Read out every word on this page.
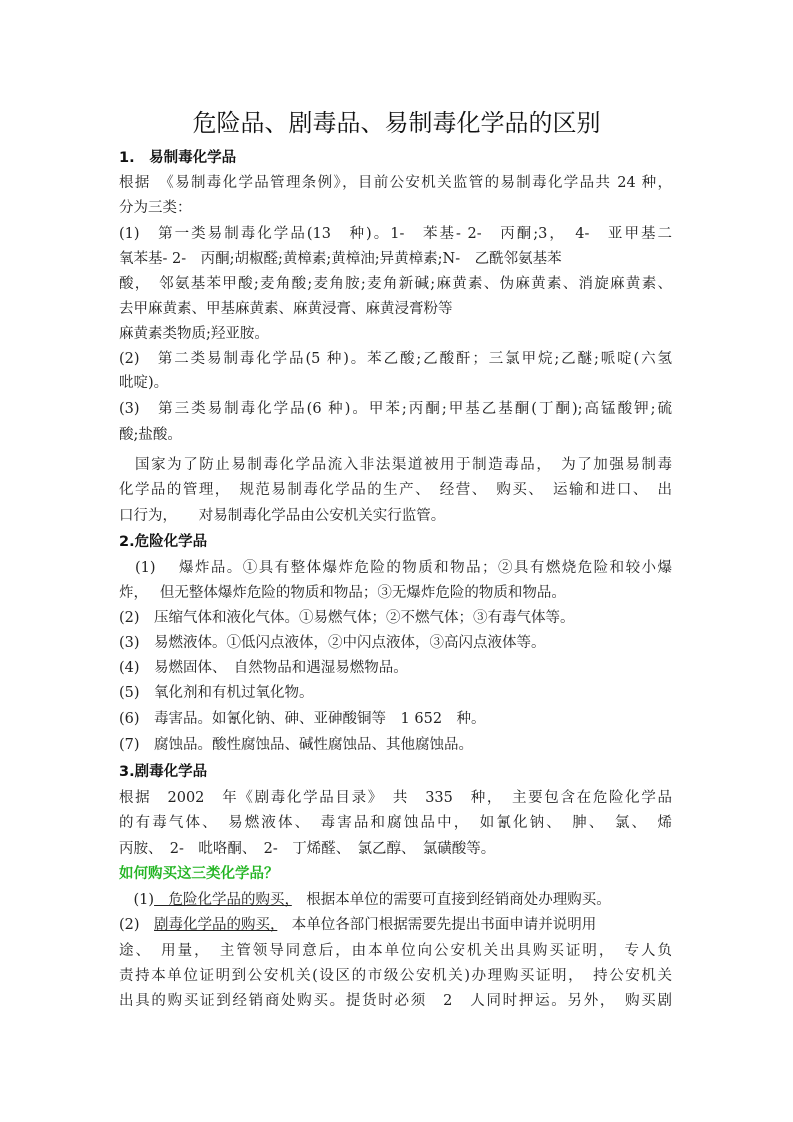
危险品、剧毒品、易制毒化学品的区别
1.　 易制毒化学品
根据　《易制毒化学品管理条例》，目前公安机关监管的易制毒化学品共 24 种，
分为三类：
(1)　第一类易制毒化学品(13　种)。1-　苯基- 2-　丙酮;3，　4-　亚甲基二
氧苯基- 2-　丙酮;胡椒醛;黄樟素;黄樟油;异黄樟素;N-　乙酰邻氨基苯
酸，　邻氨基苯甲酸;麦角酸;麦角胺;麦角新碱;麻黄素、伪麻黄素、消旋麻黄素、
去甲麻黄素、甲基麻黄素、麻黄浸膏、麻黄浸膏粉等
麻黄素类物质;羟亚胺。
(2)　第二类易制毒化学品(5 种)。苯乙酸;乙酸酐；三氯甲烷;乙醚;哌啶(六氢
吡啶)。
(3)　第三类易制毒化学品(6 种)。甲苯;丙酮;甲基乙基酮(丁酮);高锰酸钾;硫
酸;盐酸。
　国家为了防止易制毒化学品流入非法渠道被用于制造毒品，　为了加强易制毒
化学品的管理，　规范易制毒化学品的生产、　经营、　购买、　运输和进口、　出
口行为，　　对易制毒化学品由公安机关实行监管。
2.危险化学品
　(1)　 爆炸品。①具有整体爆炸危险的物质和物品；②具有燃烧危险和较小爆
炸，　 但无整体爆炸危险的物质和物品；③无爆炸危险的物质和物品。
(2)　压缩气体和液化气体。①易燃气体；②不燃气体；③有毒气体等。
(3)　易燃液体。①低闪点液体，②中闪点液体，③高闪点液体等。
(4)　易燃固体、　自然物品和遇湿易燃物品。
(5)　氧化剂和有机过氧化物。
(6)　毒害品。如氰化钠、砷、亚砷酸铜等　1 652　种。
(7)　腐蚀品。酸性腐蚀品、碱性腐蚀品、其他腐蚀品。
3.剧毒化学品
根据　2002　年《剧毒化学品目录》　共　335　种，　主要包含在危险化学品
的有毒气体、　易燃液体、　毒害品和腐蚀品中，　如氰化钠、　胂、　氯、　烯
丙胺、　2-　吡咯酮、　2-　丁烯醛、　氯乙醇、　氯磺酸等。
如何购买这三类化学品？
　(1)　危险化学品的购买，　根据本单位的需要可直接到经销商处办理购买。
(2)　剧毒化学品的购买，　本单位各部门根据需要先提出书面申请并说明用
途、　用量，　主管领导同意后，由本单位向公安机关出具购买证明，　专人负
责持本单位证明到公安机关(设区的市级公安机关)办理购买证明，　持公安机关
出具的购买证到经销商处购买。提货时必须　2　人同时押运。另外，　购买剧
